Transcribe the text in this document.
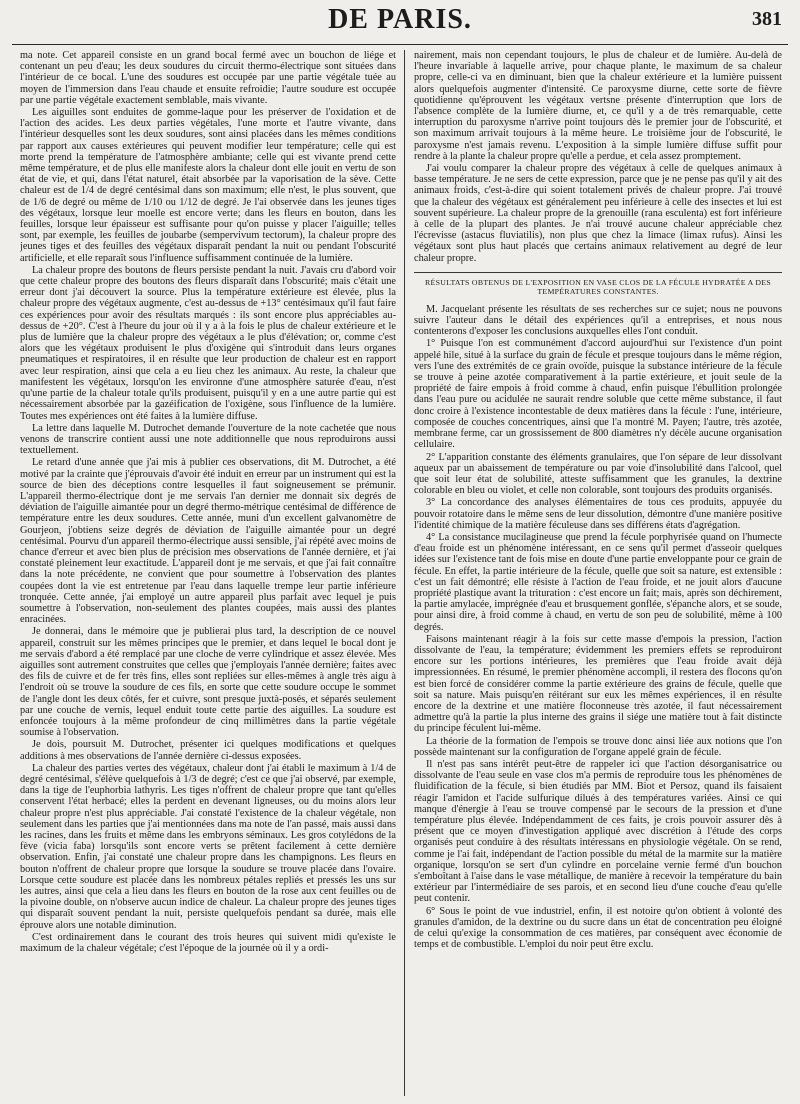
DE PARIS.	381

ma note. Cet appareil consiste en un grand bocal fermé avec un bouchon de liége et contenant un peu d'eau; les deux soudures du circuit thermo-électrique sont situées dans l'intérieur de ce bocal. L'une des soudures est occupée par une partie végétale tuée au moyen de l'immersion dans l'eau chaude et ensuite refroidie; l'autre soudure est occupée par une partie végétale exactement semblable, mais vivante.

Les aiguilles sont enduites de gomme-laque pour les préserver de l'oxidation et de l'action des acides. Les deux parties végétales, l'une morte et l'autre vivante, dans l'intérieur desquelles sont les deux soudures, sont ainsi placées dans les mêmes conditions par rapport aux causes extérieures qui peuvent modifier leur température; celle qui est morte prend la température de l'atmosphère ambiante; celle qui est vivante prend cette même température, et de plus elle manifeste alors la chaleur dont elle jouit en vertu de son état de vie, et qui, dans l'état naturel, était absorbée par la vaporisation de la sève. Cette chaleur est de 1/4 de degré centésimal dans son maximum; elle n'est, le plus souvent, que de 1/6 de degré ou même de 1/10 ou 1/12 de degré. Je l'ai observée dans les jeunes tiges des végétaux, lorsque leur moelle est encore verte; dans les fleurs en bouton, dans les feuilles, lorsque leur épaisseur est suffisante pour qu'on puisse y placer l'aiguille; telles sont, par exemple, les feuilles de joubarbe (sempervivum tectorum), la chaleur propre des jeunes tiges et des feuilles des végétaux disparaît pendant la nuit ou pendant l'obscurité artificielle, et elle reparaît sous l'influence suffisamment continuée de la lumière.

La chaleur propre des boutons de fleurs persiste pendant la nuit. J'avais cru d'abord voir que cette chaleur propre des boutons des fleurs disparaît dans l'obscurité; mais c'était une erreur dont j'ai découvert la source. Plus la température extérieure est élevée, plus la chaleur propre des végétaux augmente, c'est au-dessus de +13° centésimaux qu'il faut faire ces expériences pour avoir des résultats marqués : ils sont encore plus appréciables au-dessus de +20°. C'est à l'heure du jour où il y a à la fois le plus de chaleur extérieure et le plus de lumière que la chaleur propre des végétaux a le plus d'élévation; or, comme c'est alors que les végétaux produisent le plus d'oxigène qui s'introduit dans leurs organes pneumatiques et respiratoires, il en résulte que leur production de chaleur est en rapport avec leur respiration, ainsi que cela a eu lieu chez les animaux. Au reste, la chaleur que manifestent les végétaux, lorsqu'on les environne d'une atmosphère saturée d'eau, n'est qu'une partie de la chaleur totale qu'ils produisent, puisqu'il y en a une autre partie qui est nécessairement absorbée par la gazéification de l'oxigène, sous l'influence de la lumière. Toutes mes expériences ont été faites à la lumière diffuse.

La lettre dans laquelle M. Dutrochet demande l'ouverture de la note cachetée que nous venons de transcrire contient aussi une note additionnelle que nous reproduirons aussi textuellement.

Le retard d'une année que j'ai mis à publier ces observations, dit M. Dutrochet, a été motivé par la crainte que j'éprouvais d'avoir été induit en erreur par un instrument qui est la source de bien des déceptions contre lesquelles il faut soigneusement se prémunir. L'appareil thermo-électrique dont je me servais l'an dernier me donnait six degrés de déviation de l'aiguille aimantée pour un degré thermo-métrique centésimal de différence de température entre les deux soudures. Cette année, muni d'un excellent galvanomètre de Gourjeon, j'obtiens seize degrés de déviation de l'aiguille aimantée pour un degré centésimal. Pourvu d'un appareil thermo-électrique aussi sensible, j'ai répété avec moins de chance d'erreur et avec bien plus de précision mes observations de l'année dernière, et j'ai constaté pleinement leur exactitude. L'appareil dont je me servais, et que j'ai fait connaître dans la note précédente, ne convient que pour soumettre à l'observation des plantes coupées dont la vie est entretenue par l'eau dans laquelle trempe leur partie inférieure tronquée. Cette année, j'ai employé un autre appareil plus parfait avec lequel je puis soumettre à l'observation, non-seulement des plantes coupées, mais aussi des plantes enracinées.

Je donnerai, dans le mémoire que je publierai plus tard, la description de ce nouvel appareil, construit sur les mêmes principes que le premier, et dans lequel le bocal dont je me servais d'abord a été remplacé par une cloche de verre cylindrique et assez élevée. Mes aiguilles sont autrement construites que celles que j'employais l'année dernière; faites avec des fils de cuivre et de fer très fins, elles sont repliées sur elles-mêmes à angle très aigu à l'endroit où se trouve la soudure de ces fils, en sorte que cette soudure occupe le sommet de l'angle dont les deux côtés, fer et cuivre, sont presque juxtà-posés, et séparés seulement par une couche de vernis, lequel enduit toute cette partie des aiguilles. La soudure est enfoncée toujours à la même profondeur de cinq millimètres dans la partie végétale soumise à l'observation.

Je dois, poursuit M. Dutrochet, présenter ici quelques modifications et quelques additions à mes observations de l'année dernière ci-dessus exposées.

La chaleur des parties vertes des végétaux, chaleur dont j'ai établi le maximum à 1/4 de degré centésimal, s'élève quelquefois à 1/3 de degré; c'est ce que j'ai observé, par exemple, dans la tige de l'euphorbia lathyris. Les tiges n'offrent de chaleur propre que tant qu'elles conservent l'état herbacé; elles la perdent en devenant ligneuses, ou du moins alors leur chaleur propre n'est plus appréciable. J'ai constaté l'existence de la chaleur végétale, non seulement dans les parties que j'ai mentionnées dans ma note de l'an passé, mais aussi dans les racines, dans les fruits et même dans les embryons séminaux. Les gros cotylédons de la fève (vicia faba) lorsqu'ils sont encore verts se prêtent facilement à cette dernière observation. Enfin, j'ai constaté une chaleur propre dans les champignons. Les fleurs en bouton n'offrent de chaleur propre que lorsque la soudure se trouve placée dans l'ovaire. Lorsque cette soudure est placée dans les nombreux pétales repliés et pressés les uns sur les autres, ainsi que cela a lieu dans les fleurs en bouton de la rose aux cent feuilles ou de la pivoine double, on n'observe aucun indice de chaleur. La chaleur propre des jeunes tiges qui disparaît souvent pendant la nuit, persiste quelquefois pendant sa durée, mais elle éprouve alors une notable diminution.

C'est ordinairement dans le courant des trois heures qui suivent midi qu'existe le maximum de la chaleur végétale; c'est l'époque de la journée où il y a ordi-

nairement, mais non cependant toujours, le plus de chaleur et de lumière. Au-delà de l'heure invariable à laquelle arrive, pour chaque plante, le maximum de sa chaleur propre, celle-ci va en diminuant, bien que la chaleur extérieure et la lumière puissent alors quelquefois augmenter d'intensité. Ce paroxysme diurne, cette sorte de fièvre quotidienne qu'éprouvent les végétaux vertsne présente d'interruption que lors de l'absence complète de la lumière diurne, et, ce qu'il y a de très remarquable, cette interruption du paroxysme n'arrive point toujours dès le premier jour de l'obscurité, et son maximum arrivait toujours à la même heure. Le troisième jour de l'obscurité, le paroxysme n'est jamais revenu. L'exposition à la simple lumière diffuse suffit pour rendre à la plante la chaleur propre qu'elle a perdue, et cela assez promptement.

J'ai voulu comparer la chaleur propre des végétaux à celle de quelques animaux à basse température. Je ne sers de cette expression, parce que je ne pense pas qu'il y ait des animaux froids, c'est-à-dire qui soient totalement privés de chaleur propre. J'ai trouvé que la chaleur des végétaux est généralement peu inférieure à celle des insectes et lui est souvent supérieure. La chaleur propre de la grenouille (rana esculenta) est fort inférieure à celle de la plupart des plantes. Je n'ai trouvé aucune chaleur appréciable chez l'écrevisse (astacus fluviatilis), non plus que chez la limace (limax rufus). Ainsi les végétaux sont plus haut placés que certains animaux relativement au degré de leur chaleur propre.

RÉSULTATS OBTENUS DE L'EXPOSITION EN VASE CLOS DE LA FÉCULE HYDRATÉE A DES TEMPÉRATURES CONSTANTES.

M. Jacquelant présente les résultats de ses recherches sur ce sujet; nous ne pouvons suivre l'auteur dans le détail des expériences qu'il a entreprises, et nous nous contenterons d'exposer les conclusions auxquelles elles l'ont conduit.

1° Puisque l'on est communément d'accord aujourd'hui sur l'existence d'un point appelé hile, situé à la surface du grain de fécule et presque toujours dans le même région, vers l'une des extrémités de ce grain ovoïde, puisque la substance intérieure de la fécule se trouve à peine azotée comparativement à la partie extérieure, et jouit seule de la propriété de faire empois à froid comme à chaud, enfin puisque l'ébullition prolongée dans l'eau pure ou acidulée ne saurait rendre soluble que cette même substance, il faut donc croire à l'existence incontestable de deux matières dans la fécule : l'une, intérieure, composée de couches concentriques, ainsi que l'a montré M. Payen; l'autre, très azotée, membrane ferme, car un grossissement de 800 diamètres n'y décèle aucune organisation cellulaire.

2° L'apparition constante des éléments granulaires, que l'on sépare de leur dissolvant aqueux par un abaissement de température ou par voie d'insolubilité dans l'alcool, quel que soit leur état de solubilité, atteste suffisamment que les granules, la dextrine colorable en bleu ou violet, et celle non colorable, sont toujours des produits organisés.

3° La concordance des analyses élémentaires de tous ces produits, appuyée du pouvoir rotatoire dans le même sens de leur dissolution, démontre d'une manière positive l'identité chimique de la matière féculeuse dans ses différens états d'agrégation.

4° La consistance mucilagineuse que prend la fécule porphyrisée quand on l'humecte d'eau froide est un phénomène intéressant, en ce sens qu'il permet d'asseoir quelques idées sur l'existence tant de fois mise en doute d'une partie enveloppante pour ce grain de fécule. En effet, la partie intérieure de la fécule, quelle que soit sa nature, est extensible : c'est un fait démontré; elle résiste à l'action de l'eau froide, et ne jouit alors d'aucune propriété plastique avant la trituration : c'est encore un fait; mais, après son déchirement, la partie amylacée, imprégnée d'eau et brusquement gonflée, s'épanche alors, et se soude, pour ainsi dire, à froid comme à chaud, en vertu de son peu de solubilité, même à 100 degrés.

Faisons maintenant réagir à la fois sur cette masse d'empois la pression, l'action dissolvante de l'eau, la température; évidemment les premiers effets se reproduiront encore sur les portions intérieures, les premières que l'eau froide avait déjà impressionnées. En résumé, le premier phénomène accompli, il restera des flocons qu'on est bien forcé de considérer comme la partie extérieure des grains de fécule, quelle que soit sa nature. Mais puisqu'en réitérant sur eux les mêmes expériences, il en résulte encore de la dextrine et une matière floconneuse très azotée, il faut nécessairement admettre qu'à la partie la plus interne des grains il siége une matière tout à fait distincte du principe féculent lui-même.

La théorie de la formation de l'empois se trouve donc ainsi liée aux notions que l'on possède maintenant sur la configuration de l'organe appelé grain de fécule.

Il n'est pas sans intérêt peut-être de rappeler ici que l'action désorganisatrice ou dissolvante de l'eau seule en vase clos m'a permis de reproduire tous les phénomènes de fluidification de la fécule, si bien étudiés par MM. Biot et Persoz, quand ils faisaient réagir l'amidon et l'acide sulfurique dilués à des températures variées. Ainsi ce qui manque d'énergie à l'eau se trouve compensé par le secours de la pression et d'une température plus élevée. Indépendamment de ces faits, je crois pouvoir assurer dès à présent que ce moyen d'investigation appliqué avec discrétion à l'étude des corps organisés peut conduire à des résultats intéressans en physiologie végétale. On se rend, comme je l'ai fait, indépendant de l'action possible du métal de la marmite sur la matière organique, lorsqu'on se sert d'un cylindre en porcelaine vernie fermé d'un bouchon s'emboîtant à l'aise dans le vase métallique, de manière à recevoir la température du bain extérieur par l'intermédiaire de ses parois, et en second lieu d'une couche d'eau qu'elle peut contenir.

6° Sous le point de vue industriel, enfin, il est notoire qu'on obtient à volonté des granules d'amidon, de la dextrine ou du sucre dans un état de concentration peu éloigné de celui qu'exige la consommation de ces matières, par conséquent avec économie de temps et de combustible. L'emploi du noir peut être exclu.
